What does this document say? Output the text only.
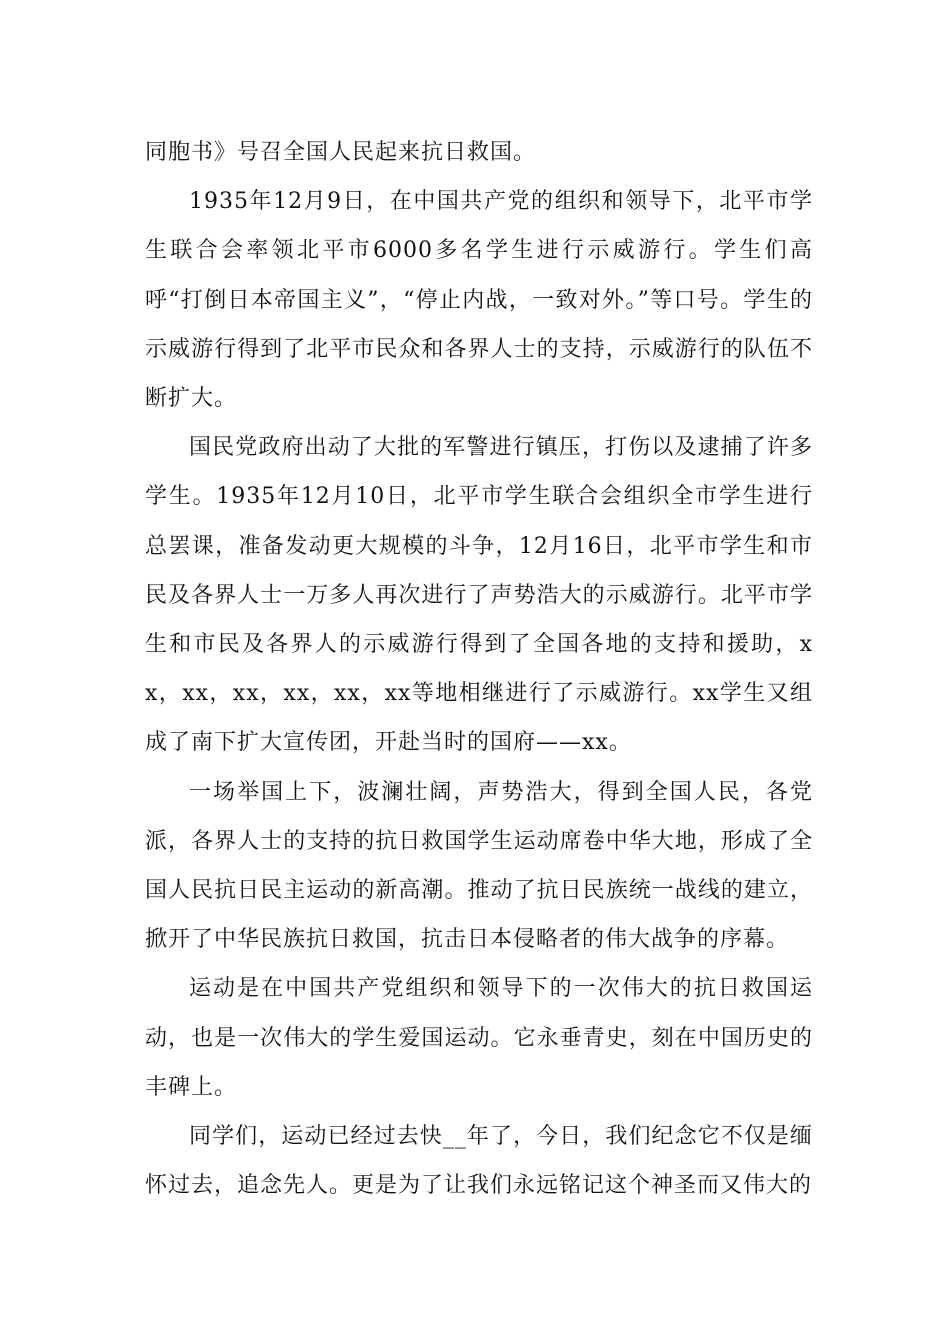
同胞书》号召全国人民起来抗日救国。

1935年12月9日，在中国共产党的组织和领导下，北平市学生联合会率领北平市6000多名学生进行示威游行。学生们高呼“打倒日本帝国主义”，“停止内战，一致对外。”等口号。学生的示威游行得到了北平市民众和各界人士的支持，示威游行的队伍不断扩大。

国民党政府出动了大批的军警进行镇压，打伤以及逮捕了许多学生。1935年12月10日，北平市学生联合会组织全市学生进行总罢课，准备发动更大规模的斗争，12月16日，北平市学生和市民及各界人士一万多人再次进行了声势浩大的示威游行。北平市学生和市民及各界人的示威游行得到了全国各地的支持和援助，xx，xx，xx，xx，xx，xx等地相继进行了示威游行。xx学生又组成了南下扩大宣传团，开赴当时的国府——xx。

一场举国上下，波澜壮阔，声势浩大，得到全国人民，各党派，各界人士的支持的抗日救国学生运动席卷中华大地，形成了全国人民抗日民主运动的新高潮。推动了抗日民族统一战线的建立，掀开了中华民族抗日救国，抗击日本侵略者的伟大战争的序幕。

运动是在中国共产党组织和领导下的一次伟大的抗日救国运动，也是一次伟大的学生爱国运动。它永垂青史，刻在中国历史的丰碑上。

同学们，运动已经过去快__年了，今日，我们纪念它不仅是缅怀过去，追念先人。更是为了让我们永远铭记这个神圣而又伟大的
